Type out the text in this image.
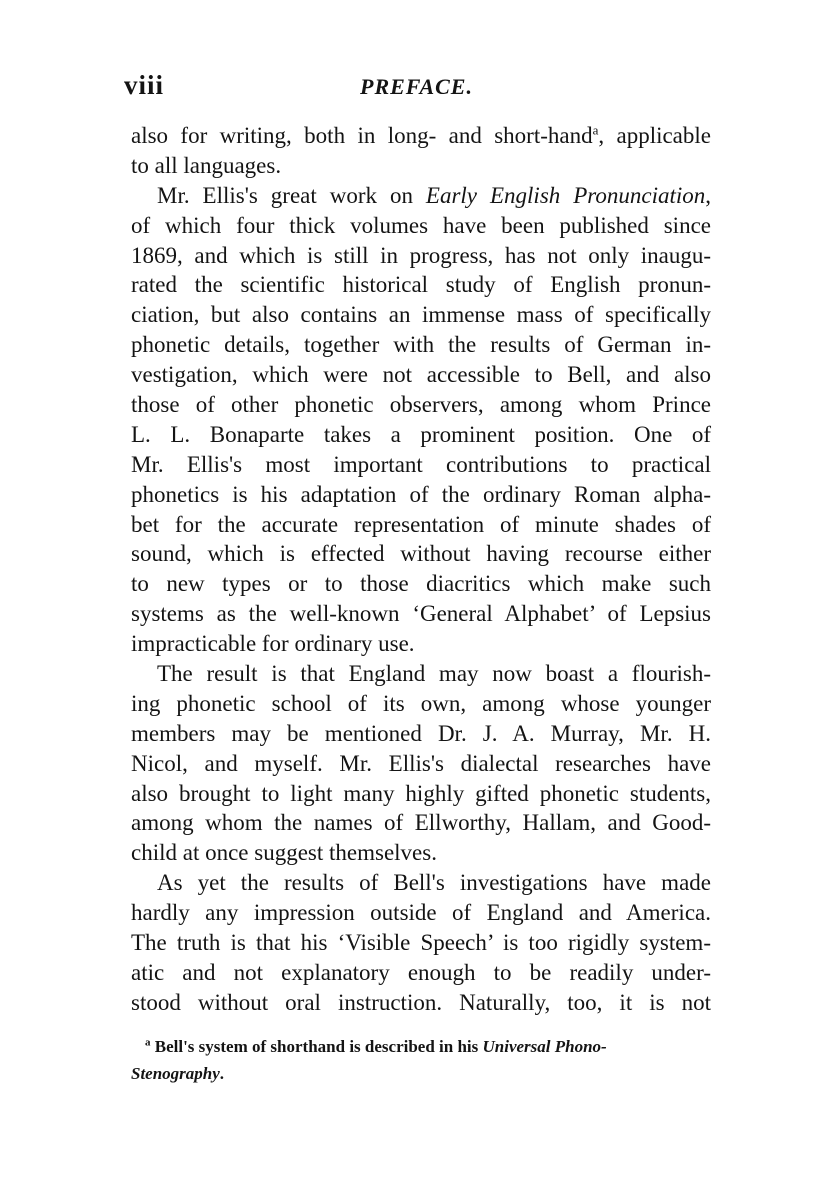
viii	PREFACE.
also for writing, both in long- and short-hand$^a$, applicable
to all languages.
Mr. Ellis's great work on Early English Pronunciation,
of which four thick volumes have been published since
1869, and which is still in progress, has not only inaugu-
rated the scientific historical study of English pronun-
ciation, but also contains an immense mass of specifically
phonetic details, together with the results of German in-
vestigation, which were not accessible to Bell, and also
those of other phonetic observers, among whom Prince
L. L. Bonaparte takes a prominent position. One of
Mr. Ellis's most important contributions to practical
phonetics is his adaptation of the ordinary Roman alpha-
bet for the accurate representation of minute shades of
sound, which is effected without having recourse either
to new types or to those diacritics which make such
systems as the well-known ‘General Alphabet’ of Lepsius
impracticable for ordinary use.
The result is that England may now boast a flourish-
ing phonetic school of its own, among whose younger
members may be mentioned Dr. J. A. Murray, Mr. H.
Nicol, and myself. Mr. Ellis's dialectal researches have
also brought to light many highly gifted phonetic students,
among whom the names of Ellworthy, Hallam, and Good-
child at once suggest themselves.
As yet the results of Bell's investigations have made
hardly any impression outside of England and America.
The truth is that his ‘Visible Speech’ is too rigidly system-
atic and not explanatory enough to be readily under-
stood without oral instruction. Naturally, too, it is not
$^a$ Bell's system of shorthand is described in his Universal Phono-
Stenography.
